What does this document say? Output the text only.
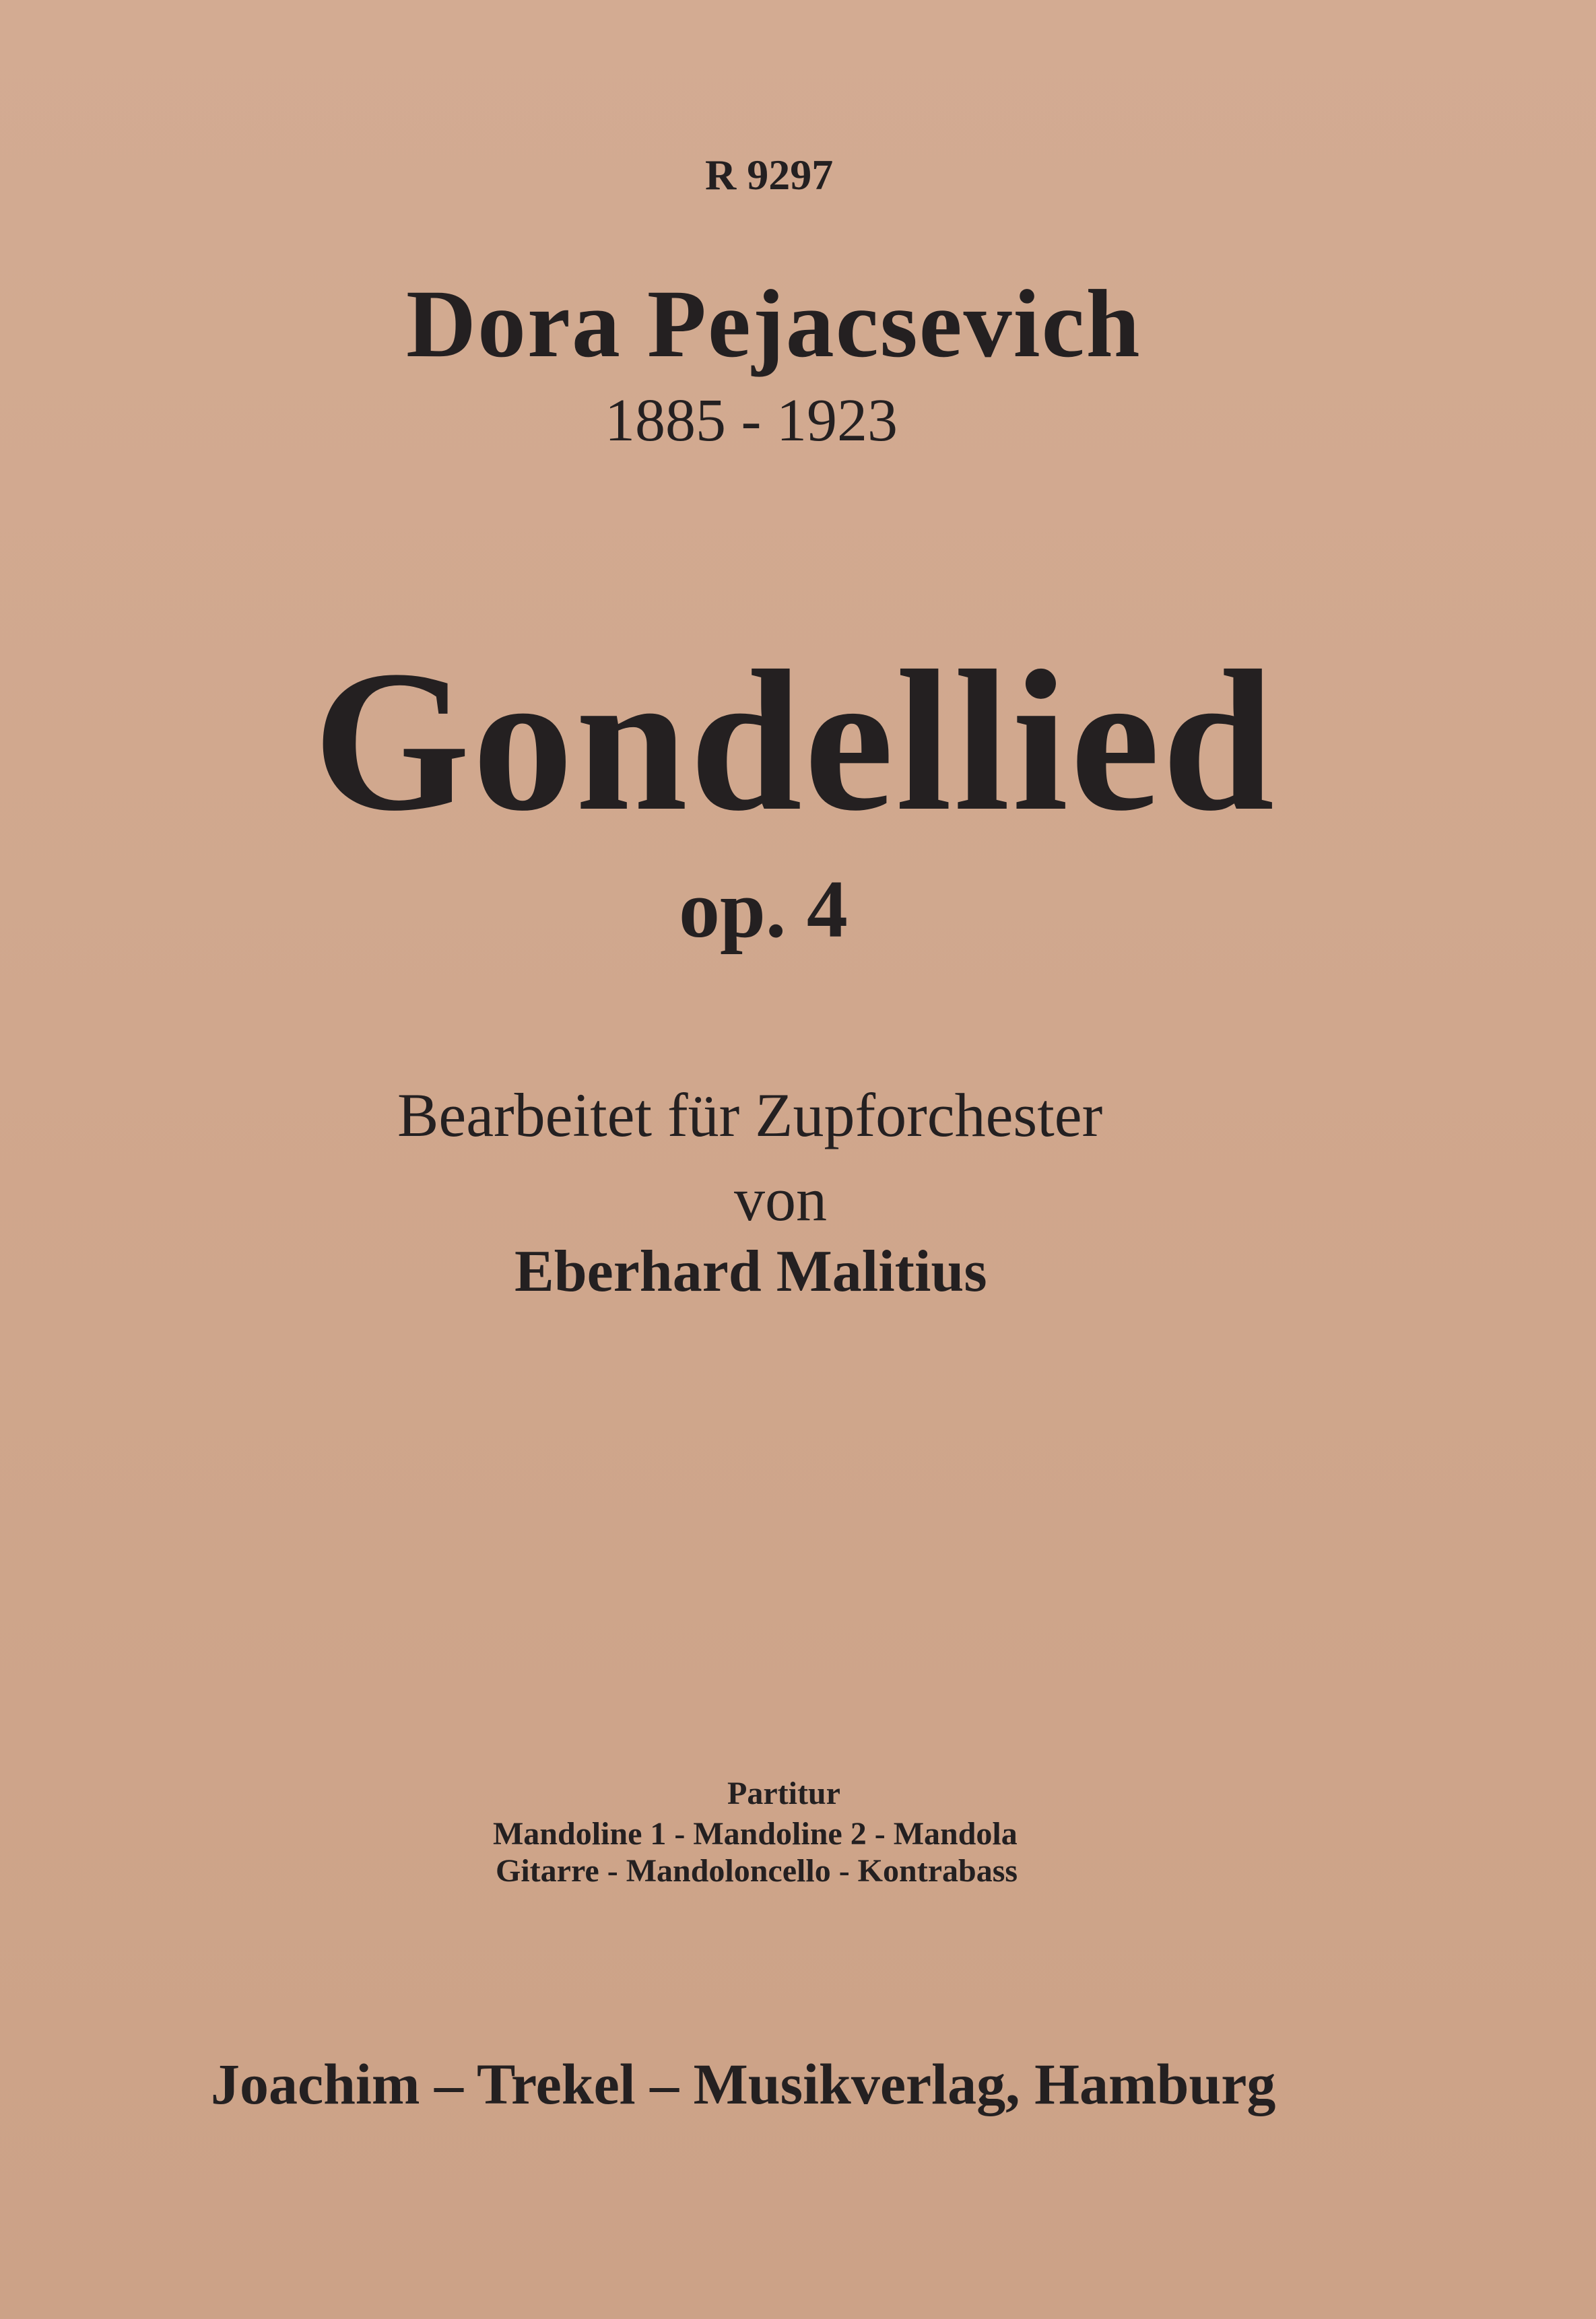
R 9297

Dora Pejacsevich

1885 - 1923

Gondellied

op. 4

Bearbeitet für Zupforchester

von

Eberhard Malitius

Partitur

Mandoline 1 - Mandoline 2 - Mandola

Gitarre - Mandoloncello - Kontrabass

Joachim – Trekel – Musikverlag, Hamburg
